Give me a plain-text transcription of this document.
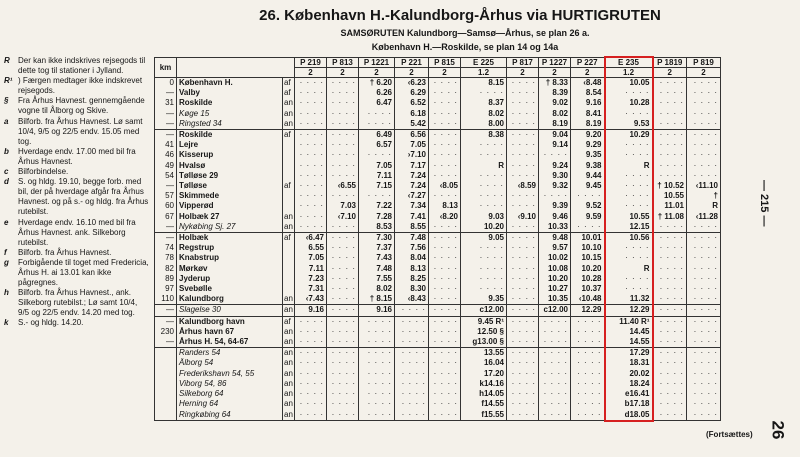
26. København H.-Kalundborg-Århus via HURTIGRUTEN
SAMSØRUTEN Kalundborg—Samsø—Århus, se plan 26 a.
København H.—Roskilde, se plan 14 og 14a
R	Der kan ikke indskrives rejsegods til dette tog til stationer i Jylland.
R¹ ) Færgen medtager ikke indskrevet rejsegods.
§	Fra Århus Havnest. gennemgående vogne til Ålborg og Skive.
a	Bilforb. fra Århus Havnest. Lø samt 10/4, 9/5 og 22/5 endv. 15.05 med tog.
b	Hverdage endv. 17.00 med bil fra Århus Havnest.
c	Bilforbindelse.
d	S. og hldg. 19.10, begge forb. med bil, der på hverdage afgår fra Århus Havnest. og på s.- og hldg. fra Århus rutebilst.
e	Hverdage endv. 16.10 med bil fra Århus Havnest. ank. Silkeborg rutebilst.
f	Bilforb. fra Århus Havnest.
g	Forbigående til toget med Fredericia, Århus H. ai 13.01 kan ikke pågregnes.
h	Bilforb. fra Århus Havnest., ank. Silkeborg rutebilst.; Lø samt 10/4, 9/5 og 22/5 endv. 14.20 med tog.
k	S.- og hldg. 14.20.
km			P 219	P 813	P 1221	P 221	P 815	E 225	P 817	P 1227	P 227	E 235	P 1819	P 819
			2	2	2	2	2	1.2	2	2	2	1.2	2	2
0	København H.	af	· · · ·	· · · ·	† 6.20	‹6.23	· · · ·	8.15	· · · ·	† 8.33	‹8.48	10.05	· · · ·	· · · ·
—	Valby	af	· · · ·	· · · ·	6.26	6.29	· · · ·	· · · ·	· · · ·	8.39	8.54	· · · ·	· · · ·	· · · ·
31	Roskilde	an	· · · ·	· · · ·	6.47	6.52	· · · ·	8.37	· · · ·	9.02	9.16	10.28	· · · ·	· · · ·
—	Køge 15	an	· · · ·	· · · ·	· · · ·	6.18	· · · ·	8.02	· · · ·	8.02	8.41	· · · ·	· · · ·	· · · ·
—	Ringsted 34	an	· · · ·	· · · ·	· · · ·	5.42	· · · ·	8.00	· · · ·	8.19	8.19	9.53	· · · ·	· · · ·
—	Roskilde	af	· · · ·	· · · ·	6.49	6.56	· · · ·	8.38	· · · ·	9.04	9.20	10.29	· · · ·	· · · ·
41	Lejre		· · · ·	· · · ·	6.57	7.05	· · · ·	· · · ·	· · · ·	9.14	9.29	· · · ·	· · · ·	· · · ·
46	Kisserup		· · · ·	· · · ·	· · · ·	›7.10	· · · ·	· · · ·	· · · ·	· · · ·	9.35	· · · ·	· · · ·	· · · ·
49	Hvalsø		· · · ·	· · · ·	7.05	7.17	· · · ·	R	· · · ·	9.24	9.38	R	· · · ·	· · · ·
54	Tølløse 29		· · · ·	· · · ·	7.11	7.24	· · · ·	· · · ·	· · · ·	9.30	9.44	· · · ·	· · · ·	· · · ·
—	Tølløse	af	· · · ·	‹6.55	7.15	7.24	‹8.05	· · · ·	‹8.59	9.32	9.45	· · · ·	† 10.52	‹11.10
57	Skimmede		· · · ·	· · · ·	· · · ·	‹7.27	· · · ·	· · · ·	· · · ·	· · · ·	· · · ·	· · · ·	10.55	†
60	Vipperød		· · · ·	7.03	7.22	7.34	8.13	· · · ·	· · · ·	9.39	9.52	· · · ·	11.01	R
67	Holbæk 27	an	· · · ·	‹7.10	7.28	7.41	‹8.20	9.03	‹9.10	9.46	9.59	10.55	† 11.08	‹11.28
—	Nykøbing Sj. 27	an	· · · ·	· · · ·	8.53	8.55	· · · ·	10.20	· · · ·	10.33	· · · ·	12.15	· · · ·	· · · ·
—	Holbæk	af	‹6.47	· · · ·	7.30	7.48	· · · ·	9.05	· · · ·	9.48	10.01	10.56	· · · ·	· · · ·
74	Regstrup		6.55	· · · ·	7.37	7.56	· · · ·	· · · ·	· · · ·	9.57	10.10	· · · ·	· · · ·	· · · ·
78	Knabstrup		7.05	· · · ·	7.43	8.04	· · · ·	· · · ·	· · · ·	10.02	10.15	· · · ·	· · · ·	· · · ·
82	Mørkøv		7.11	· · · ·	7.48	8.13	· · · ·	· · · ·	· · · ·	10.08	10.20	R	· · · ·	· · · ·
89	Jyderup		7.23	· · · ·	7.55	8.25	· · · ·	· · · ·	· · · ·	10.20	10.28	· · · ·	· · · ·	· · · ·
97	Svebølle		7.31	· · · ·	8.02	8.30	· · · ·	· · · ·	· · · ·	10.27	10.37	· · · ·	· · · ·	· · · ·
110	Kalundborg	an	‹7.43	· · · ·	† 8.15	‹8.43	· · · ·	9.35	· · · ·	10.35	‹10.48	11.32	· · · ·	· · · ·
—	Slagelse 30	an	9.16	· · · ·	9.16	· · · ·	· · · ·	c12.00	· · · ·	c12.00	12.29	12.29	· · · ·	· · · ·
—	Kalundborg havn	af	· · · ·	· · · ·	· · · ·	· · · ·	· · · ·	9.45 R¹	· · · ·	· · · ·	· · · ·	11.40 R¹	· · · ·	· · · ·
230	Århus havn 67	an	· · · ·	· · · ·	· · · ·	· · · ·	· · · ·	12.50 §	· · · ·	· · · ·	· · · ·	14.45	· · · ·	· · · ·
—	Århus H. 54, 64-67	an	· · · ·	· · · ·	· · · ·	· · · ·	· · · ·	g13.00 §	· · · ·	· · · ·	· · · ·	14.55	· · · ·	· · · ·
	Randers 54	an	· · · ·	· · · ·	· · · ·	· · · ·	· · · ·	13.55	· · · ·	· · · ·	· · · ·	17.29	· · · ·	· · · ·
	Ålborg 54	an	· · · ·	· · · ·	· · · ·	· · · ·	· · · ·	16.04	· · · ·	· · · ·	· · · ·	18.31	· · · ·	· · · ·
	Frederikshavn 54, 55	an	· · · ·	· · · ·	· · · ·	· · · ·	· · · ·	17.20	· · · ·	· · · ·	· · · ·	20.02	· · · ·	· · · ·
	Viborg 54, 86	an	· · · ·	· · · ·	· · · ·	· · · ·	· · · ·	k14.16	· · · ·	· · · ·	· · · ·	18.24	· · · ·	· · · ·
	Silkeborg 64	an	· · · ·	· · · ·	· · · ·	· · · ·	· · · ·	h14.05	· · · ·	· · · ·	· · · ·	e16.41	· · · ·	· · · ·
	Herning 64	an	· · · ·	· · · ·	· · · ·	· · · ·	· · · ·	f14.55	· · · ·	· · · ·	· · · ·	b17.18	· · · ·	· · · ·
	Ringkøbing 64	an	· · · ·	· · · ·	· · · ·	· · · ·	· · · ·	f15.55	· · · ·	· · · ·	· · · ·	d18.05	· · · ·	· · · ·
— 215 —
26
(Fortsættes)
